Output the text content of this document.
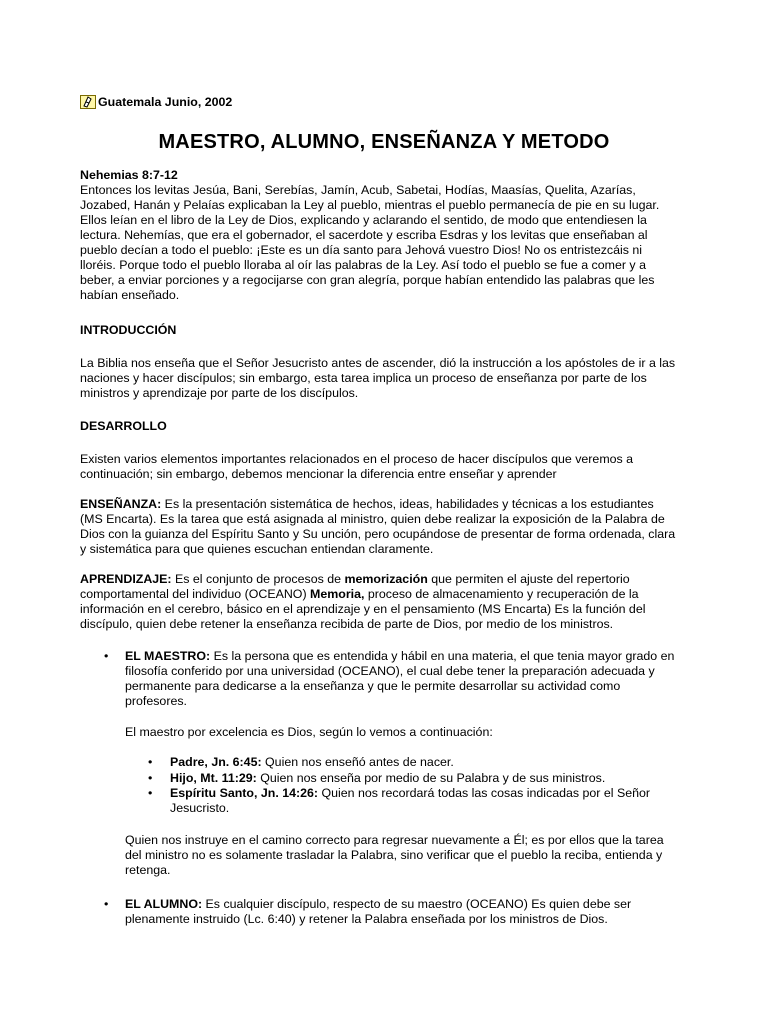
Guatemala Junio, 2002
MAESTRO, ALUMNO, ENSEÑANZA Y METODO

Nehemias 8:7-12

Entonces los levitas Jesúa, Bani, Serebías, Jamín, Acub, Sabetai, Hodías, Maasías, Quelita, Azarías, Jozabed, Hanán y Pelaías explicaban la Ley al pueblo, mientras el pueblo permanecía de pie en su lugar. Ellos leían en el libro de la Ley de Dios, explicando y aclarando el sentido, de modo que entendiesen la lectura. Nehemías, que era el gobernador, el sacerdote y escriba Esdras y los levitas que enseñaban al pueblo decían a todo el pueblo: ¡Este es un día santo para Jehová vuestro Dios! No os entristezcáis ni lloréis. Porque todo el pueblo lloraba al oír las palabras de la Ley. Así todo el pueblo se fue a comer y a beber, a enviar porciones y a regocijarse con gran alegría, porque habían entendido las palabras que les habían enseñado.

INTRODUCCIÓN

La Biblia nos enseña que el Señor Jesucristo antes de ascender, dió la instrucción a los apóstoles de ir a las naciones y hacer discípulos; sin embargo, esta tarea implica un proceso de enseñanza por parte de los ministros y aprendizaje por parte de los discípulos.

DESARROLLO

Existen varios elementos importantes relacionados en el proceso de hacer discípulos que veremos a continuación; sin embargo, debemos mencionar la diferencia entre enseñar y aprender

ENSEÑANZA: Es la presentación sistemática de hechos, ideas, habilidades y técnicas a los estudiantes (MS Encarta). Es la tarea que está asignada al ministro, quien debe realizar la exposición de la Palabra de Dios con la guianza del Espíritu Santo y Su unción, pero ocupándose de presentar de forma ordenada, clara y sistemática para que quienes escuchan entiendan claramente.

APRENDIZAJE: Es el conjunto de procesos de memorización que permiten el ajuste del repertorio comportamental del individuo (OCEANO) Memoria, proceso de almacenamiento y recuperación de la información en el cerebro, básico en el aprendizaje y en el pensamiento (MS Encarta) Es la función del discípulo, quien debe retener la enseñanza recibida de parte de Dios, por medio de los ministros.

• EL MAESTRO: Es la persona que es entendida y hábil en una materia, el que tenia mayor grado en filosofía conferido por una universidad (OCEANO), el cual debe tener la preparación adecuada y permanente para dedicarse a la enseñanza y que le permite desarrollar su actividad como profesores.

El maestro por excelencia es Dios, según lo vemos a continuación:

• Padre, Jn. 6:45: Quien nos enseñó antes de nacer.

• Hijo, Mt. 11:29: Quien nos enseña por medio de su Palabra y de sus ministros.

• Espíritu Santo, Jn. 14:26: Quien nos recordará todas las cosas indicadas por el Señor Jesucristo.

Quien nos instruye en el camino correcto para regresar nuevamente a Él; es por ellos que la tarea del ministro no es solamente trasladar la Palabra, sino verificar que el pueblo la reciba, entienda y retenga.

• EL ALUMNO: Es cualquier discípulo, respecto de su maestro (OCEANO) Es quien debe ser plenamente instruido (Lc. 6:40) y retener la Palabra enseñada por los ministros de Dios.
